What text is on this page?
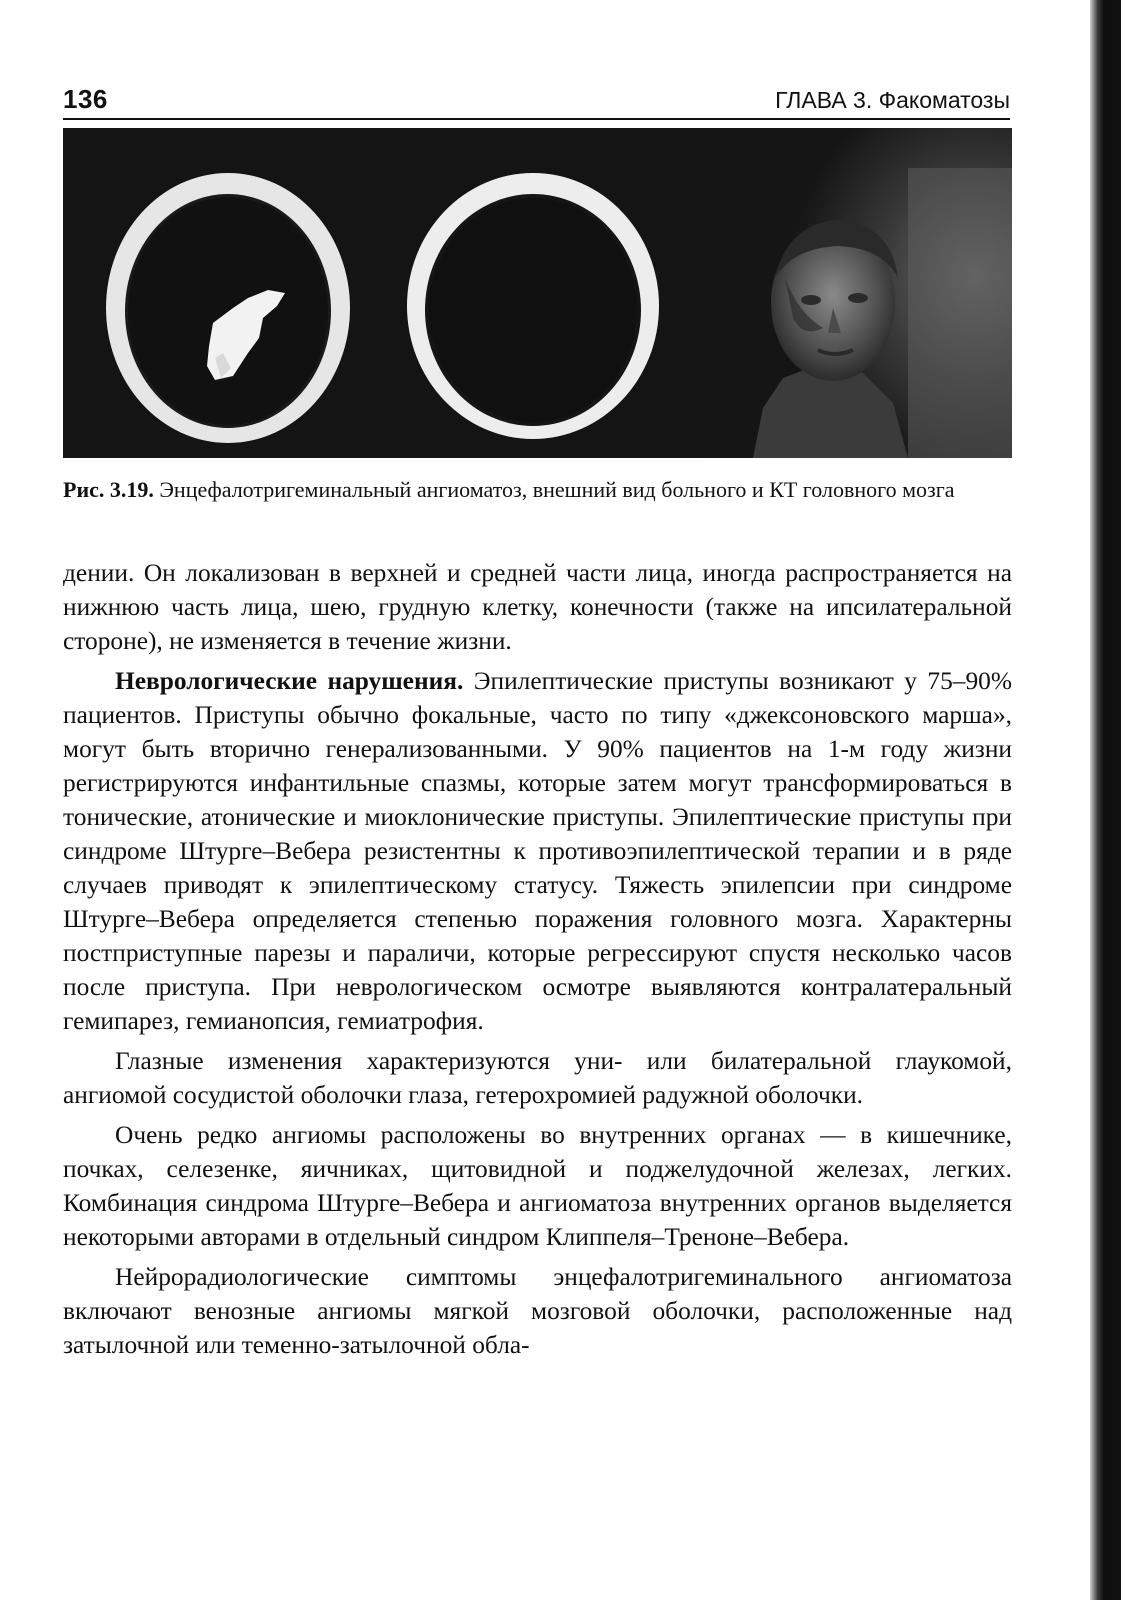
136	ГЛАВА 3. Факоматозы
Рис. 3.19. Энцефалотригеминальный ангиоматоз, внешний вид больного и КТ головного мозга

дении. Он локализован в верхней и средней части лица, иногда распространяется на нижнюю часть лица, шею, грудную клетку, конечности (также на ипсилатеральной стороне), не изменяется в течение жизни.

Неврологические нарушения. Эпилептические приступы возникают у 75–90% пациентов. Приступы обычно фокальные, часто по типу «джексоновского марша», могут быть вторично генерализованными. У 90% пациентов на 1-м году жизни регистрируются инфантильные спазмы, которые затем могут трансформироваться в тонические, атонические и миоклонические приступы. Эпилептические приступы при синдроме Штурге–Вебера резистентны к противоэпилептической терапии и в ряде случаев приводят к эпилептическому статусу. Тяжесть эпилепсии при синдроме Штурге–Вебера определяется степенью поражения головного мозга. Характерны постприступные парезы и параличи, которые регрессируют спустя несколько часов после приступа. При неврологическом осмотре выявляются контралатеральный гемипарез, гемианопсия, гемиатрофия.

Глазные изменения характеризуются уни- или билатеральной глаукомой, ангиомой сосудистой оболочки глаза, гетерохромией радужной оболочки.

Очень редко ангиомы расположены во внутренних органах — в кишечнике, почках, селезенке, яичниках, щитовидной и поджелудочной железах, легких. Комбинация синдрома Штурге–Вебера и ангиоматоза внутренних органов выделяется некоторыми авторами в отдельный синдром Клиппеля–Треноне–Вебера.

Нейрорадиологические симптомы энцефалотригеминального ангиоматоза включают венозные ангиомы мягкой мозговой оболочки, расположенные над затылочной или теменно-затылочной обла-
